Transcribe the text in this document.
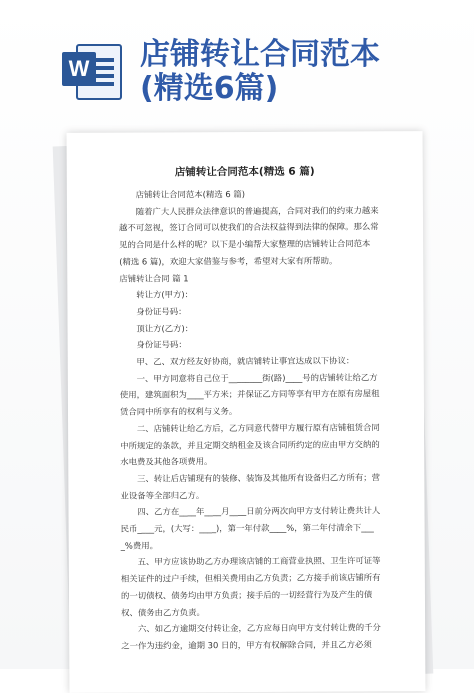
W 店铺转让合同范本
(精选6篇)
店铺转让合同范本(精选 6 篇)

店铺转让合同范本(精选 6 篇)

随着广大人民群众法律意识的普遍提高，合同对我们的约束力越来越不可忽视，签订合同可以使我们的合法权益得到法律的保障。那么常见的合同是什么样的呢？以下是小编帮大家整理的店铺转让合同范本(精选 6 篇)，欢迎大家借鉴与参考，希望对大家有所帮助。

店铺转让合同 篇 1

转让方(甲方)：

身份证号码：

顶让方(乙方)：

身份证号码：

甲、乙、双方经友好协商，就店铺转让事宜达成以下协议：

一、甲方同意将自己位于________街(路)____号的店铺转让给乙方使用，建筑面积为____平方米；并保证乙方同等享有甲方在原有房屋租赁合同中所享有的权利与义务。

二、店铺转让给乙方后，乙方同意代替甲方履行原有店铺租赁合同中所规定的条款，并且定期交纳租金及该合同所约定的应由甲方交纳的水电费及其他各项费用。

三、转让后店铺现有的装修、装饰及其他所有设备归乙方所有；营业设备等全部归乙方。

四、乙方在____年____月____日前分两次向甲方支付转让费共计人民币____元，(大写：____)，第一年付款____%，第二年付清余下____%费用。

五、甲方应该协助乙方办理该店铺的工商营业执照、卫生许可证等相关证件的过户手续，但相关费用由乙方负责；乙方接手前该店铺所有的一切债权、债务均由甲方负责；接手后的一切经营行为及产生的债权、债务由乙方负责。

六、如乙方逾期交付转让金，乙方应每日向甲方支付转让费的千分之一作为违约金，逾期 30 日的，甲方有权解除合同，并且乙方必须
